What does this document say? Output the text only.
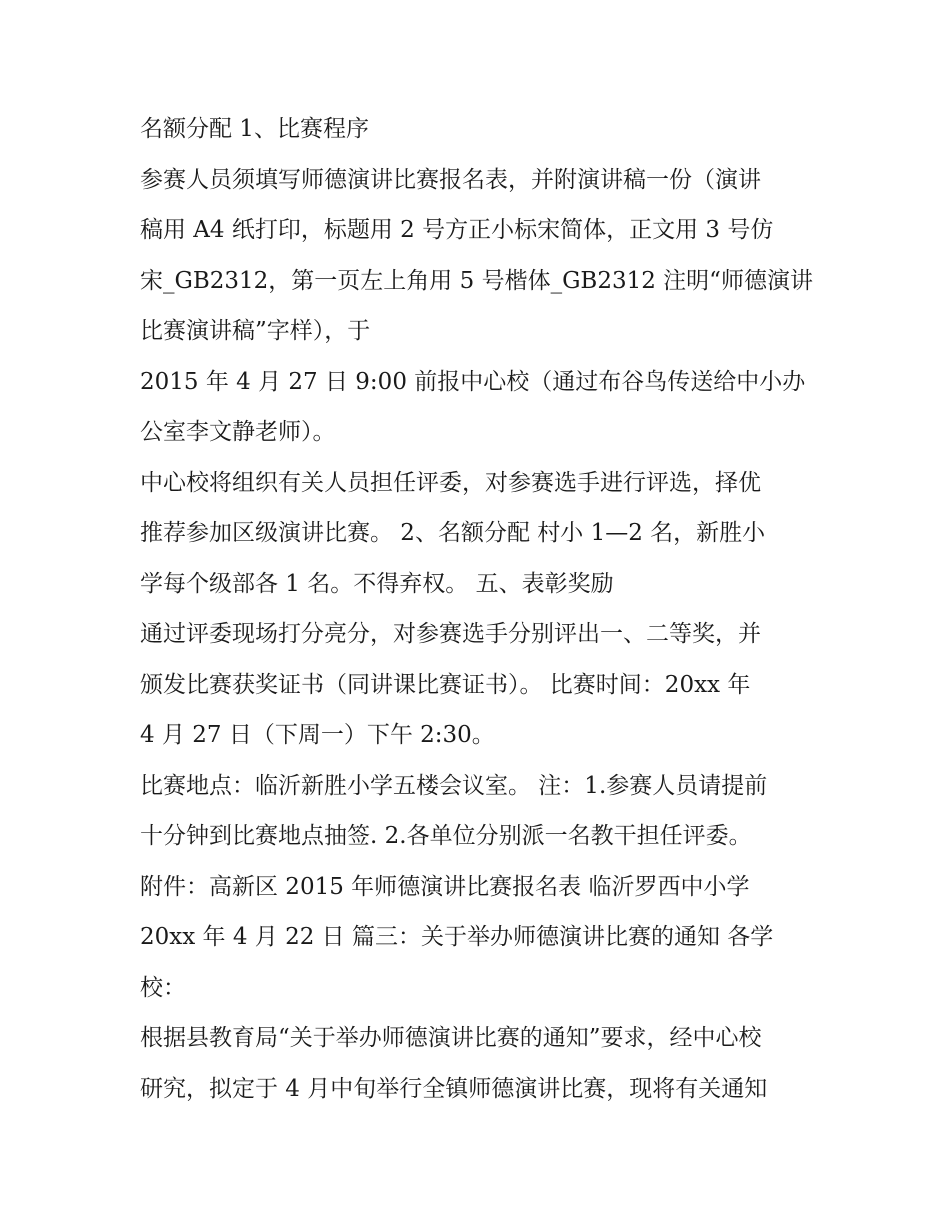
名额分配 1、比赛程序
参赛人员须填写师德演讲比赛报名表，并附演讲稿一份（演讲
稿用 A4 纸打印，标题用 2 号方正小标宋简体，正文用 3 号仿
宋_GB2312，第一页左上角用 5 号楷体_GB2312 注明“师德演讲
比赛演讲稿”字样），于
2015 年 4 月 27 日 9:00 前报中心校（通过布谷鸟传送给中小办
公室李文静老师）。
中心校将组织有关人员担任评委，对参赛选手进行评选，择优
推荐参加区级演讲比赛。 2、名额分配 村小 1—2 名，新胜小
学每个级部各 1 名。不得弃权。 五、表彰奖励
通过评委现场打分亮分，对参赛选手分别评出一、二等奖，并
颁发比赛获奖证书（同讲课比赛证书）。 比赛时间：20xx 年
4 月 27 日（下周一）下午 2:30。
比赛地点：临沂新胜小学五楼会议室。 注：1.参赛人员请提前
十分钟到比赛地点抽签. 2.各单位分别派一名教干担任评委。
附件：高新区 2015 年师德演讲比赛报名表 临沂罗西中小学
20xx 年 4 月 22 日 篇三：关于举办师德演讲比赛的通知 各学
校：
根据县教育局“关于举办师德演讲比赛的通知”要求，经中心校
研究，拟定于 4 月中旬举行全镇师德演讲比赛，现将有关通知
